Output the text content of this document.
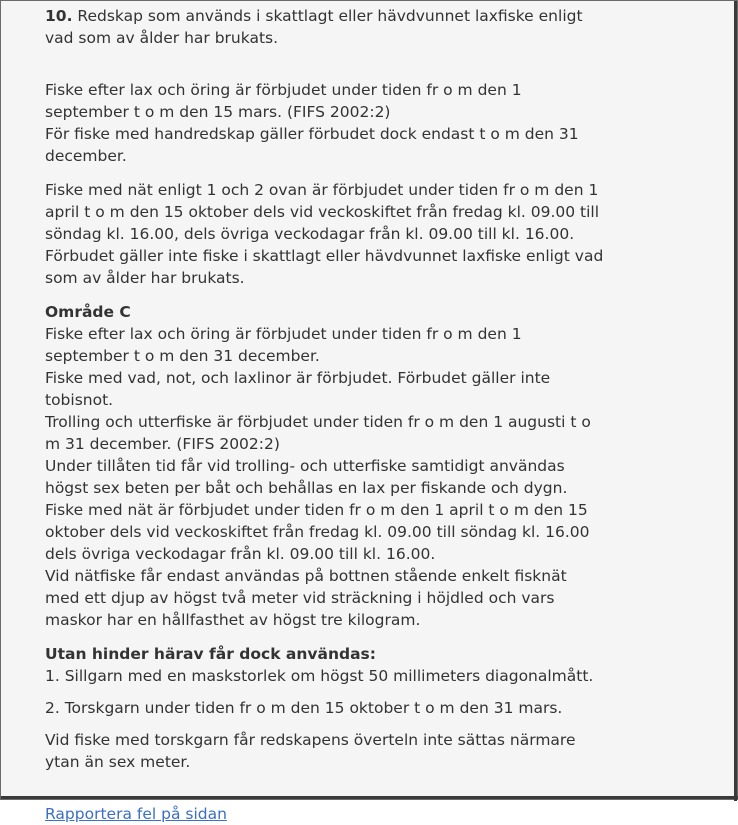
10. Redskap som används i skattlagt eller hävdvunnet laxfiske enligt vad som av ålder har brukats.

Fiske efter lax och öring är förbjudet under tiden fr o m den 1 september t o m den 15 mars. (FIFS 2002:2)

För fiske med handredskap gäller förbudet dock endast t o m den 31 december.

Fiske med nät enligt 1 och 2 ovan är förbjudet under tiden fr o m den 1 april t o m den 15 oktober dels vid veckoskiftet från fredag kl. 09.00 till söndag kl. 16.00, dels övriga veckodagar från kl. 09.00 till kl. 16.00. Förbudet gäller inte fiske i skattlagt eller hävdvunnet laxfiske enligt vad som av ålder har brukats.

Område C

Fiske efter lax och öring är förbjudet under tiden fr o m den 1 september t o m den 31 december.

Fiske med vad, not, och laxlinor är förbjudet. Förbudet gäller inte tobisnot.

Trolling och utterfiske är förbjudet under tiden fr o m den 1 augusti t o m 31 december. (FIFS 2002:2)

Under tillåten tid får vid trolling- och utterfiske samtidigt användas högst sex beten per båt och behållas en lax per fiskande och dygn.

Fiske med nät är förbjudet under tiden fr o m den 1 april t o m den 15 oktober dels vid veckoskiftet från fredag kl. 09.00 till söndag kl. 16.00 dels övriga veckodagar från kl. 09.00 till kl. 16.00.

Vid nätfiske får endast användas på bottnen stående enkelt fisknät med ett djup av högst två meter vid sträckning i höjdled och vars maskor har en hållfasthet av högst tre kilogram.

Utan hinder härav får dock användas:

1. Sillgarn med en maskstorlek om högst 50 millimeters diagonalmått.

2. Torskgarn under tiden fr o m den 15 oktober t o m den 31 mars.

Vid fiske med torskgarn får redskapens överteln inte sättas närmare ytan än sex meter.

Rapportera fel på sidan
